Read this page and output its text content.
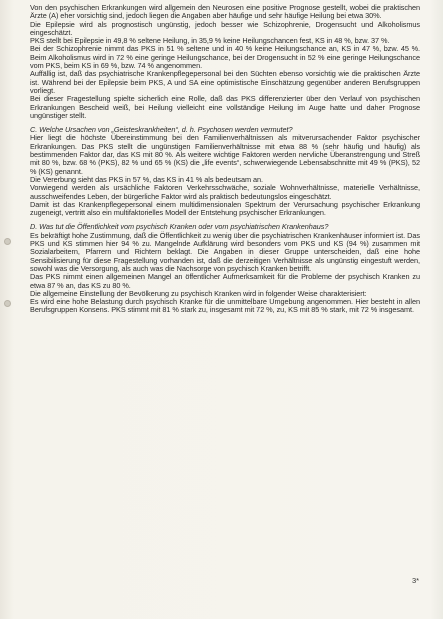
Von den psychischen Erkrankungen wird allgemein den Neurosen eine positive Prognose gestellt, wobei die praktischen Ärzte (A) eher vorsichtig sind, jedoch liegen die Angaben aber häufige und sehr häufige Heilung bei etwa 30%.

Die Epilepsie wird als prognostisch ungünstig, jedoch besser wie Schizophrenie, Drogensucht und Alkoholismus eingeschätzt.

PKS stellt bei Epilepsie in 49,8 % seltene Heilung, in 35,9 % keine Heilungschancen fest, KS in 48 %, bzw. 37 %.

Bei der Schizophrenie nimmt das PKS in 51 % seltene und in 40 % keine Heilungschance an, KS in 47 %, bzw. 45 %. Beim Alkoholismus wird in 72 % eine geringe Heilungschance, bei der Drogensucht in 52 % eine geringe Heilungschance vom PKS, beim KS in 69 %, bzw. 74 % angenommen.

Auffällig ist, daß das psychiatrische Krankenpflegepersonal bei den Süchten ebenso vorsichtig wie die praktischen Ärzte ist. Während bei der Epilepsie beim PKS, A und SA eine optimistische Einschätzung gegenüber anderen Berufsgruppen vorliegt.

Bei dieser Fragestellung spielte sicherlich eine Rolle, daß das PKS differenzierter über den Verlauf von psychischen Erkrankungen Bescheid weiß, bei Heilung vielleicht eine vollständige Heilung im Auge hatte und daher Prognose ungünstiger stellt.

C. Welche Ursachen von „Geisteskrankheiten“, d. h. Psychosen werden vermutet?

Hier liegt die höchste Übereinstimmung bei den Familienverhältnissen als mitverursachender Faktor psychischer Erkrankungen. Das PKS stellt die ungünstigen Familienverhältnisse mit etwa 88 % (sehr häufig und häufig) als bestimmenden Faktor dar, das KS mit 80 %. Als weitere wichtige Faktoren werden nervliche Überanstrengung und Streß mit 80 %, bzw. 68 % (PKS), 82 % und 65 % (KS) die „life events“, schwerwiegende Lebensabschnitte mit 49 % (PKS), 52 % (KS) genannt.

Die Vererbung sieht das PKS in 57 %, das KS in 41 % als bedeutsam an.

Vorwiegend werden als ursächliche Faktoren Verkehrsschwäche, soziale Wohnverhältnisse, materielle Verhältnisse, ausschweifendes Leben, der bürgerliche Faktor wird als praktisch bedeutungslos eingeschätzt.

Damit ist das Krankenpflegepersonal einem multidimensionalen Spektrum der Verursachung psychischer Erkrankung zugeneigt, vertritt also ein multifaktorielles Modell der Entstehung psychischer Erkrankungen.

D. Was tut die Öffentlichkeit vom psychisch Kranken oder vom psychiatrischen Krankenhaus?

Es bekräftigt hohe Zustimmung, daß die Öffentlichkeit zu wenig über die psychiatrischen Krankenhäuser informiert ist. Das PKS und KS stimmen hier 94 % zu. Mangelnde Aufklärung wird besonders vom PKS und KS (94 %) zusammen mit Sozialarbeitern, Pfarrern und Richtern beklagt. Die Angaben in dieser Gruppe unterscheiden, daß eine hohe Sensibilisierung für diese Fragestellung vorhanden ist, daß die derzeitigen Verhältnisse als ungünstig eingestuft werden, sowohl was die Versorgung, als auch was die Nachsorge von psychisch Kranken betrifft.

Das PKS nimmt einen allgemeinen Mangel an öffentlicher Aufmerksamkeit für die Probleme der psychisch Kranken zu etwa 87 % an, das KS zu 80 %.

Die allgemeine Einstellung der Bevölkerung zu psychisch Kranken wird in folgender Weise charakterisiert:

Es wird eine hohe Belastung durch psychisch Kranke für die unmittelbare Umgebung angenommen. Hier besteht in allen Berufsgruppen Konsens. PKS stimmt mit 81 % stark zu, insgesamt mit 72 %, zu, KS mit 85 % stark, mit 72 % insgesamt.

3*
